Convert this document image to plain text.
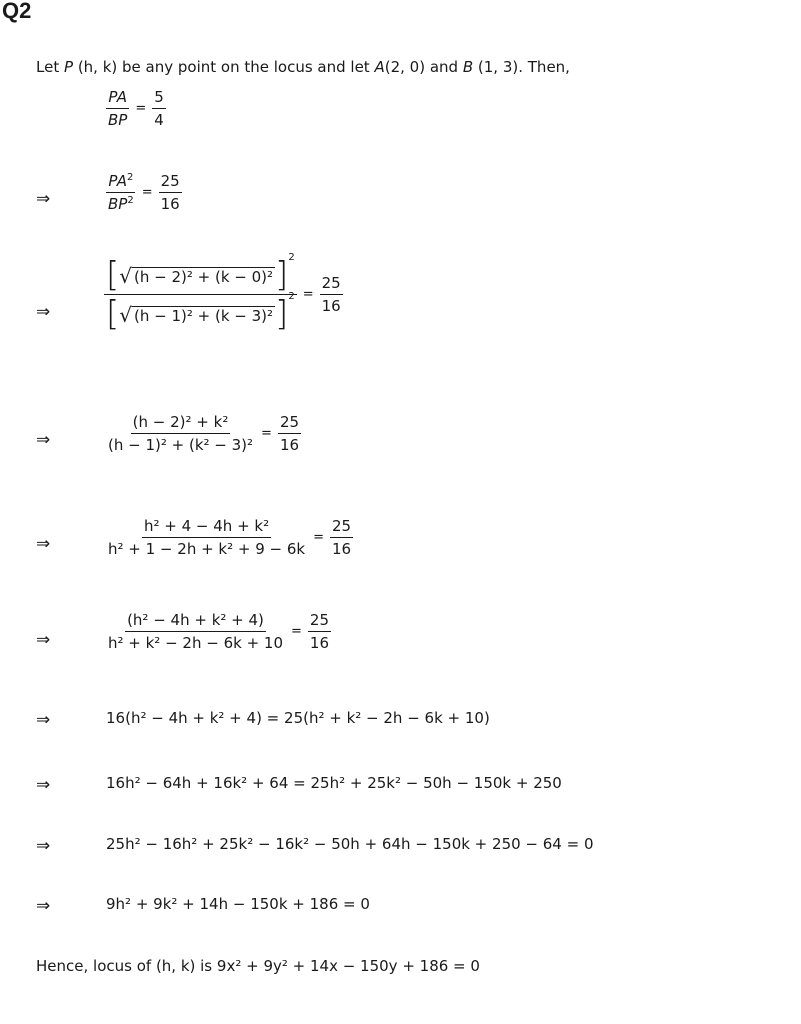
Q2
Let P (h, k) be any point on the locus and let A(2, 0) and B (1, 3). Then,
$\frac{PA}{BP} = \frac{5}{4}$
⇒	$\frac{PA^2}{BP^2} = \frac{25}{16}$
⇒ $\frac{\text{[ √ (h − 2)² + (k − 0)² ] 2}}{\text{[ √ (h − 1)² + (k − 3)² ] 2}} = \frac{25}{16}$
⇒	$\frac{\text{(h − 2)² + k²}}{\text{(h − 1)² + (k² − 3)²}} = \frac{25}{16}$
⇒	$\frac{\text{h² + 4 − 4h + k²}}{\text{h² + 1 − 2h + k² + 9 − 6k}} = \frac{25}{16}$
⇒	$\frac{\text{(h² − 4h + k² + 4)}}{\text{h² + k² − 2h − 6k + 10}} = \frac{25}{16}$
⇒	16(h² − 4h + k² + 4) = 25(h² + k² − 2h − 6k + 10)
⇒	16h² − 64h + 16k² + 64 = 25h² + 25k² − 50h − 150k + 250
⇒	25h² − 16h² + 25k² − 16k² − 50h + 64h − 150k + 250 − 64 = 0
⇒	9h² + 9k² + 14h − 150k + 186 = 0
Hence, locus of (h, k) is 9x² + 9y² + 14x − 150y + 186 = 0
